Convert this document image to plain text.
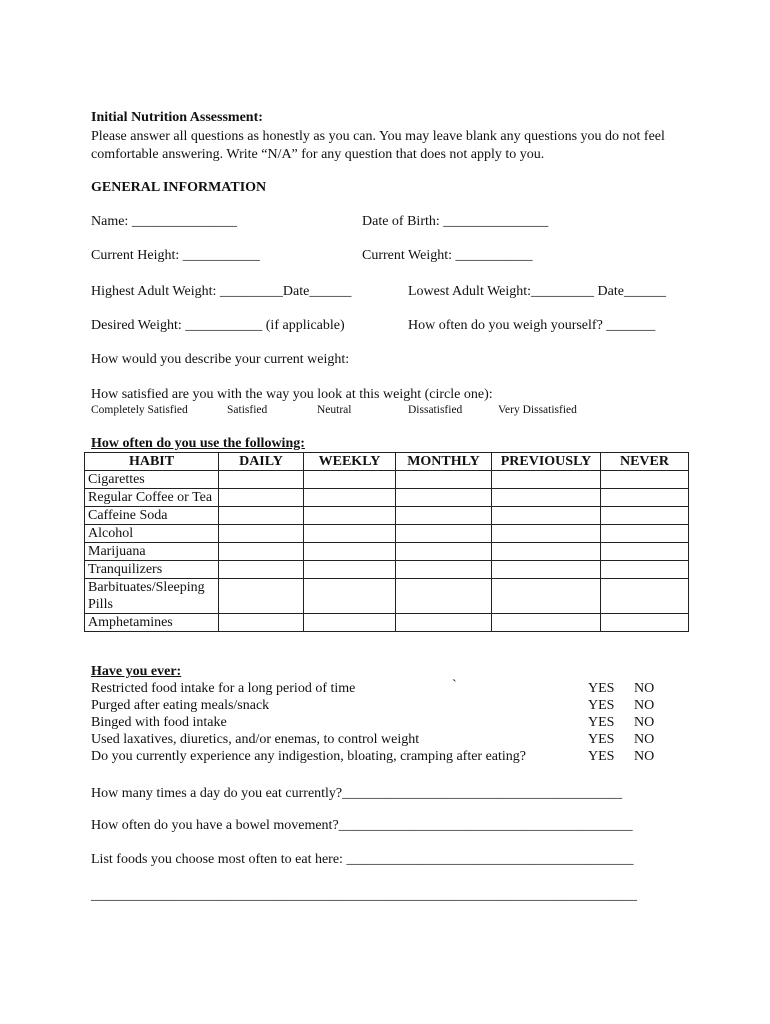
Initial Nutrition Assessment:
Please answer all questions as honestly as you can. You may leave blank any questions you do not feel comfortable answering. Write “N/A” for any question that does not apply to you.
GENERAL INFORMATION
Name: _______________	Date of Birth: _______________
Current Height: ___________	Current Weight: ___________
Highest Adult Weight: _________Date______	Lowest Adult Weight:_________ Date______
Desired Weight: ___________ (if applicable)	How often do you weigh yourself? _______
How would you describe your current weight:
How satisfied are you with the way you look at this weight (circle one):
Completely Satisfied	Satisfied	Neutral	Dissatisfied	Very Dissatisfied
How often do you use the following:
HABIT	DAILY	WEEKLY	MONTHLY	PREVIOUSLY	NEVER
Cigarettes					
Regular Coffee or Tea					
Caffeine Soda					
Alcohol					
Marijuana					
Tranquilizers					
Barbituates/Sleeping Pills					
Amphetamines					
Have you ever:
`
Restricted food intake for a long period of time	YES NO
Purged after eating meals/snack	YES NO
Binged with food intake	YES NO
Used laxatives, diuretics, and/or enemas, to control weight	YES NO
Do you currently experience any indigestion, bloating, cramping after eating?	YES NO
How many times a day do you eat currently?________________________________________
How often do you have a bowel movement?__________________________________________
List foods you choose most often to eat here: _________________________________________
______________________________________________________________________________
